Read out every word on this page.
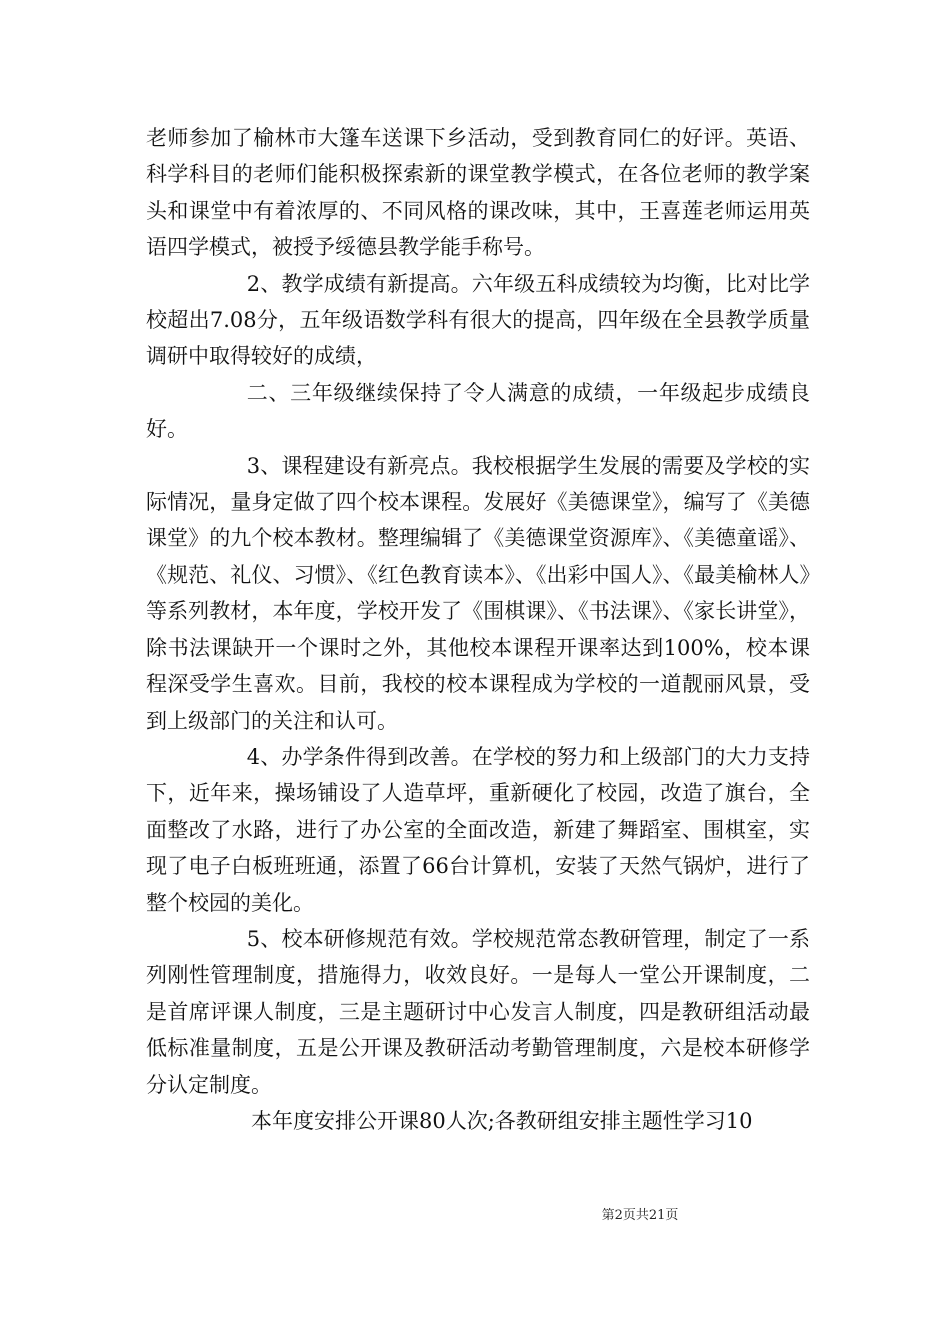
老师参加了榆林市大篷车送课下乡活动，受到教育同仁的好评。英语、科学科目的老师们能积极探索新的课堂教学模式，在各位老师的教学案头和课堂中有着浓厚的、不同风格的课改味，其中，王喜莲老师运用英语四学模式，被授予绥德县教学能手称号。

2、教学成绩有新提高。六年级五科成绩较为均衡，比对比学校超出7.08分，五年级语数学科有很大的提高，四年级在全县教学质量调研中取得较好的成绩，

二、三年级继续保持了令人满意的成绩，一年级起步成绩良好。

3、课程建设有新亮点。我校根据学生发展的需要及学校的实际情况，量身定做了四个校本课程。发展好《美德课堂》，编写了《美德课堂》的九个校本教材。整理编辑了《美德课堂资源库》、《美德童谣》、《规范、礼仪、习惯》、《红色教育读本》、《出彩中国人》、《最美榆林人》等系列教材，本年度，学校开发了《围棋课》、《书法课》、《家长讲堂》，除书法课缺开一个课时之外，其他校本课程开课率达到100%，校本课程深受学生喜欢。目前，我校的校本课程成为学校的一道靓丽风景，受到上级部门的关注和认可。

4、办学条件得到改善。在学校的努力和上级部门的大力支持下，近年来，操场铺设了人造草坪，重新硬化了校园，改造了旗台，全面整改了水路，进行了办公室的全面改造，新建了舞蹈室、围棋室，实现了电子白板班班通，添置了66台计算机，安装了天然气锅炉，进行了整个校园的美化。

5、校本研修规范有效。学校规范常态教研管理，制定了一系列刚性管理制度，措施得力，收效良好。一是每人一堂公开课制度，二是首席评课人制度，三是主题研讨中心发言人制度，四是教研组活动最低标准量制度，五是公开课及教研活动考勤管理制度，六是校本研修学分认定制度。

本年度安排公开课80人次;各教研组安排主题性学习10

第2页共21页
